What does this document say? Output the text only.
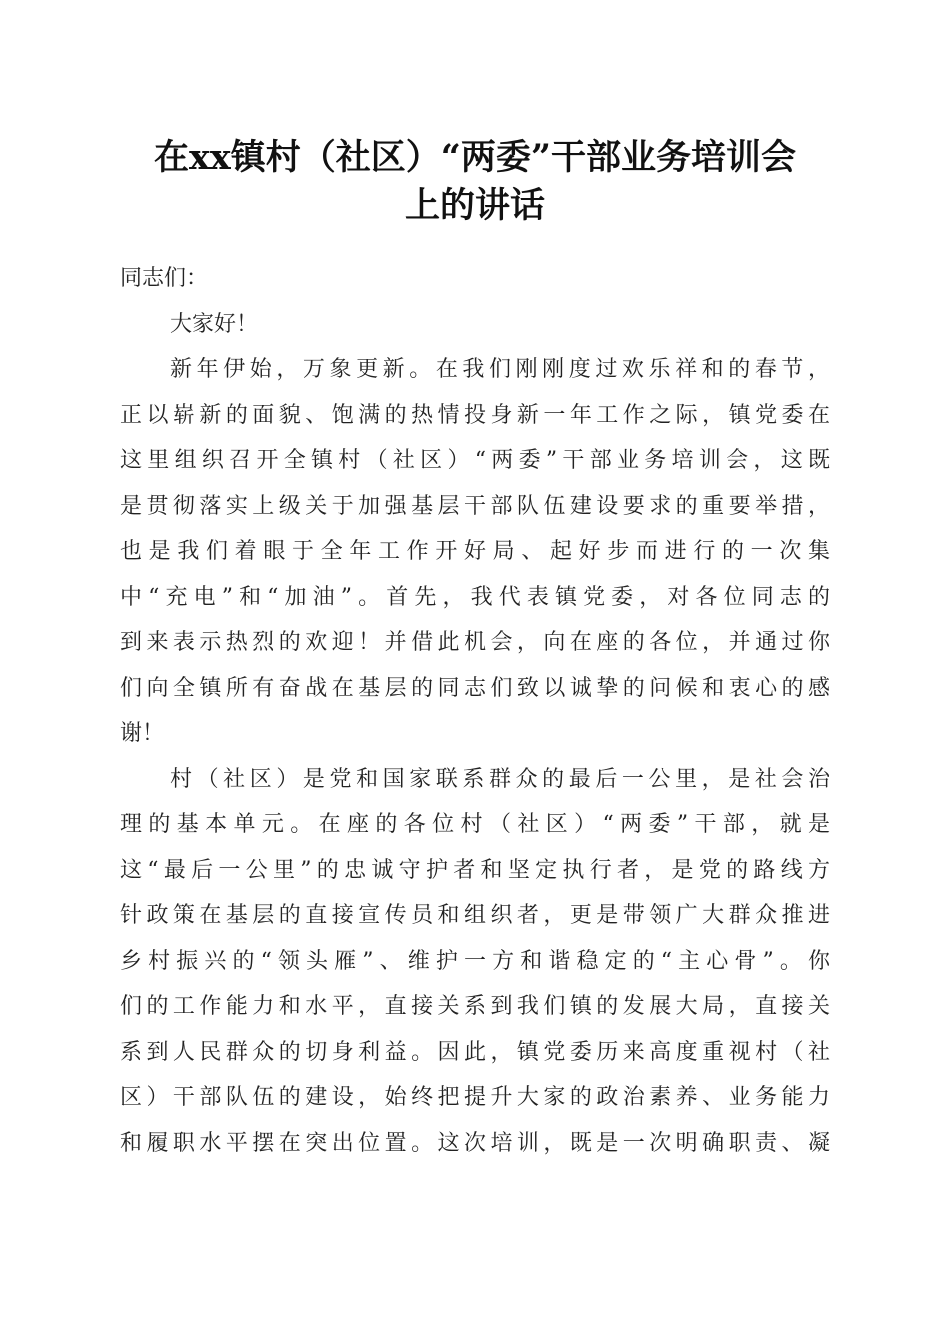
在xx镇村（社区）“两委”干部业务培训会
上的讲话
同志们：
大家好！
新年伊始，万象更新。在我们刚刚度过欢乐祥和的春节，
正以崭新的面貌、饱满的热情投身新一年工作之际，镇党委在
这里组织召开全镇村（社区）“两委”干部业务培训会，这既
是贯彻落实上级关于加强基层干部队伍建设要求的重要举措，
也是我们着眼于全年工作开好局、起好步而进行的一次集
中“充电”和“加油”。首先，我代表镇党委，对各位同志的
到来表示热烈的欢迎！并借此机会，向在座的各位，并通过你
们向全镇所有奋战在基层的同志们致以诚挚的问候和衷心的感
谢！
村（社区）是党和国家联系群众的最后一公里，是社会治
理的基本单元。在座的各位村（社区）“两委”干部，就是
这“最后一公里”的忠诚守护者和坚定执行者，是党的路线方
针政策在基层的直接宣传员和组织者，更是带领广大群众推进
乡村振兴的“领头雁”、维护一方和谐稳定的“主心骨”。你
们的工作能力和水平，直接关系到我们镇的发展大局，直接关
系到人民群众的切身利益。因此，镇党委历来高度重视村（社
区）干部队伍的建设，始终把提升大家的政治素养、业务能力
和履职水平摆在突出位置。这次培训，既是一次明确职责、凝
